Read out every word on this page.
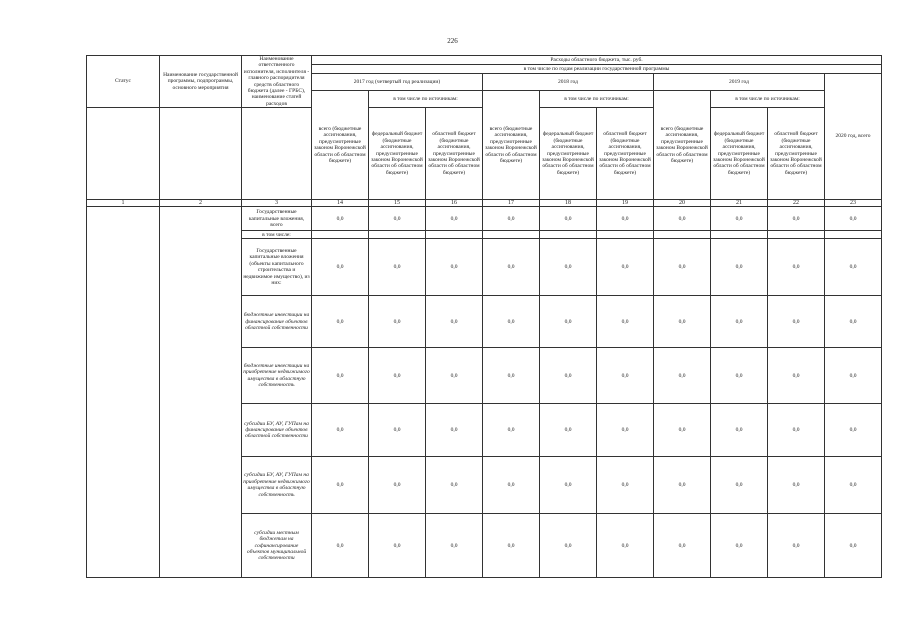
226
Статус	Наименование государственной программы, подпрограммы, основного мероприятия	Наименование ответственного исполнителя, исполнителя - главного распорядителя средств областного бюджета (далее - ГРБС), наименование статей расходов	Расходы областного бюджета, тыс. руб.									
			в том числе по годам реализации государственной программы									
			2017 год (четвертый год реализации)			2018 год			2019 год			2020 год, всего
			всего (бюджетные ассигнования, предусмотренные законом Воронежской области об областном бюджете)	в том числе по источникам:		всего (бюджетные ассигнования, предусмотренные законом Воронежской области об областном бюджете)	в том числе по источникам:		всего (бюджетные ассигнования, предусмотренные законом Воронежской области об областном бюджете)	в том числе по источникам:		
				федеральный бюджет (бюджетные ассигнования, предусмотренные законом Воронежской области об областном бюджете)	областной бюджет (бюджетные ассигнования, предусмотренные законом Воронежской области об областном бюджете)		федеральный бюджет (бюджетные ассигнования, предусмотренные законом Воронежской области об областном бюджете)	областной бюджет (бюджетные ассигнования, предусмотренные законом Воронежской области об областном бюджете)		федеральный бюджет (бюджетные ассигнования, предусмотренные законом Воронежской области об областном бюджете)	областной бюджет (бюджетные ассигнования, предусмотренные законом Воронежской области об областном бюджете)	
1	2	3	14	15	16	17	18	19	20	21	22	23
		Государственные капитальные вложения, всего	0,0	0,0	0,0	0,0	0,0	0,0	0,0	0,0	0,0	0,0
		в том числе:										
		Государственные капитальные вложения (объекты капитального строительства и недвижимое имущество), из них:	0,0	0,0	0,0	0,0	0,0	0,0	0,0	0,0	0,0	0,0
		бюджетные инвестиции на финансирование объектов областной собственности	0,0	0,0	0,0	0,0	0,0	0,0	0,0	0,0	0,0	0,0
		бюджетные инвестиции на приобретение недвижимого имущества в областную собственность	0,0	0,0	0,0	0,0	0,0	0,0	0,0	0,0	0,0	0,0
		субсидии БУ, АУ, ГУПам на финансирование объектов областной собственности	0,0	0,0	0,0	0,0	0,0	0,0	0,0	0,0	0,0	0,0
		субсидии БУ, АУ, ГУПам на приобретение недвижимого имущества в областную собственность	0,0	0,0	0,0	0,0	0,0	0,0	0,0	0,0	0,0	0,0
		субсидии местным бюджетам на софинансирование объектов муниципальной собственности	0,0	0,0	0,0	0,0	0,0	0,0	0,0	0,0	0,0	0,0
